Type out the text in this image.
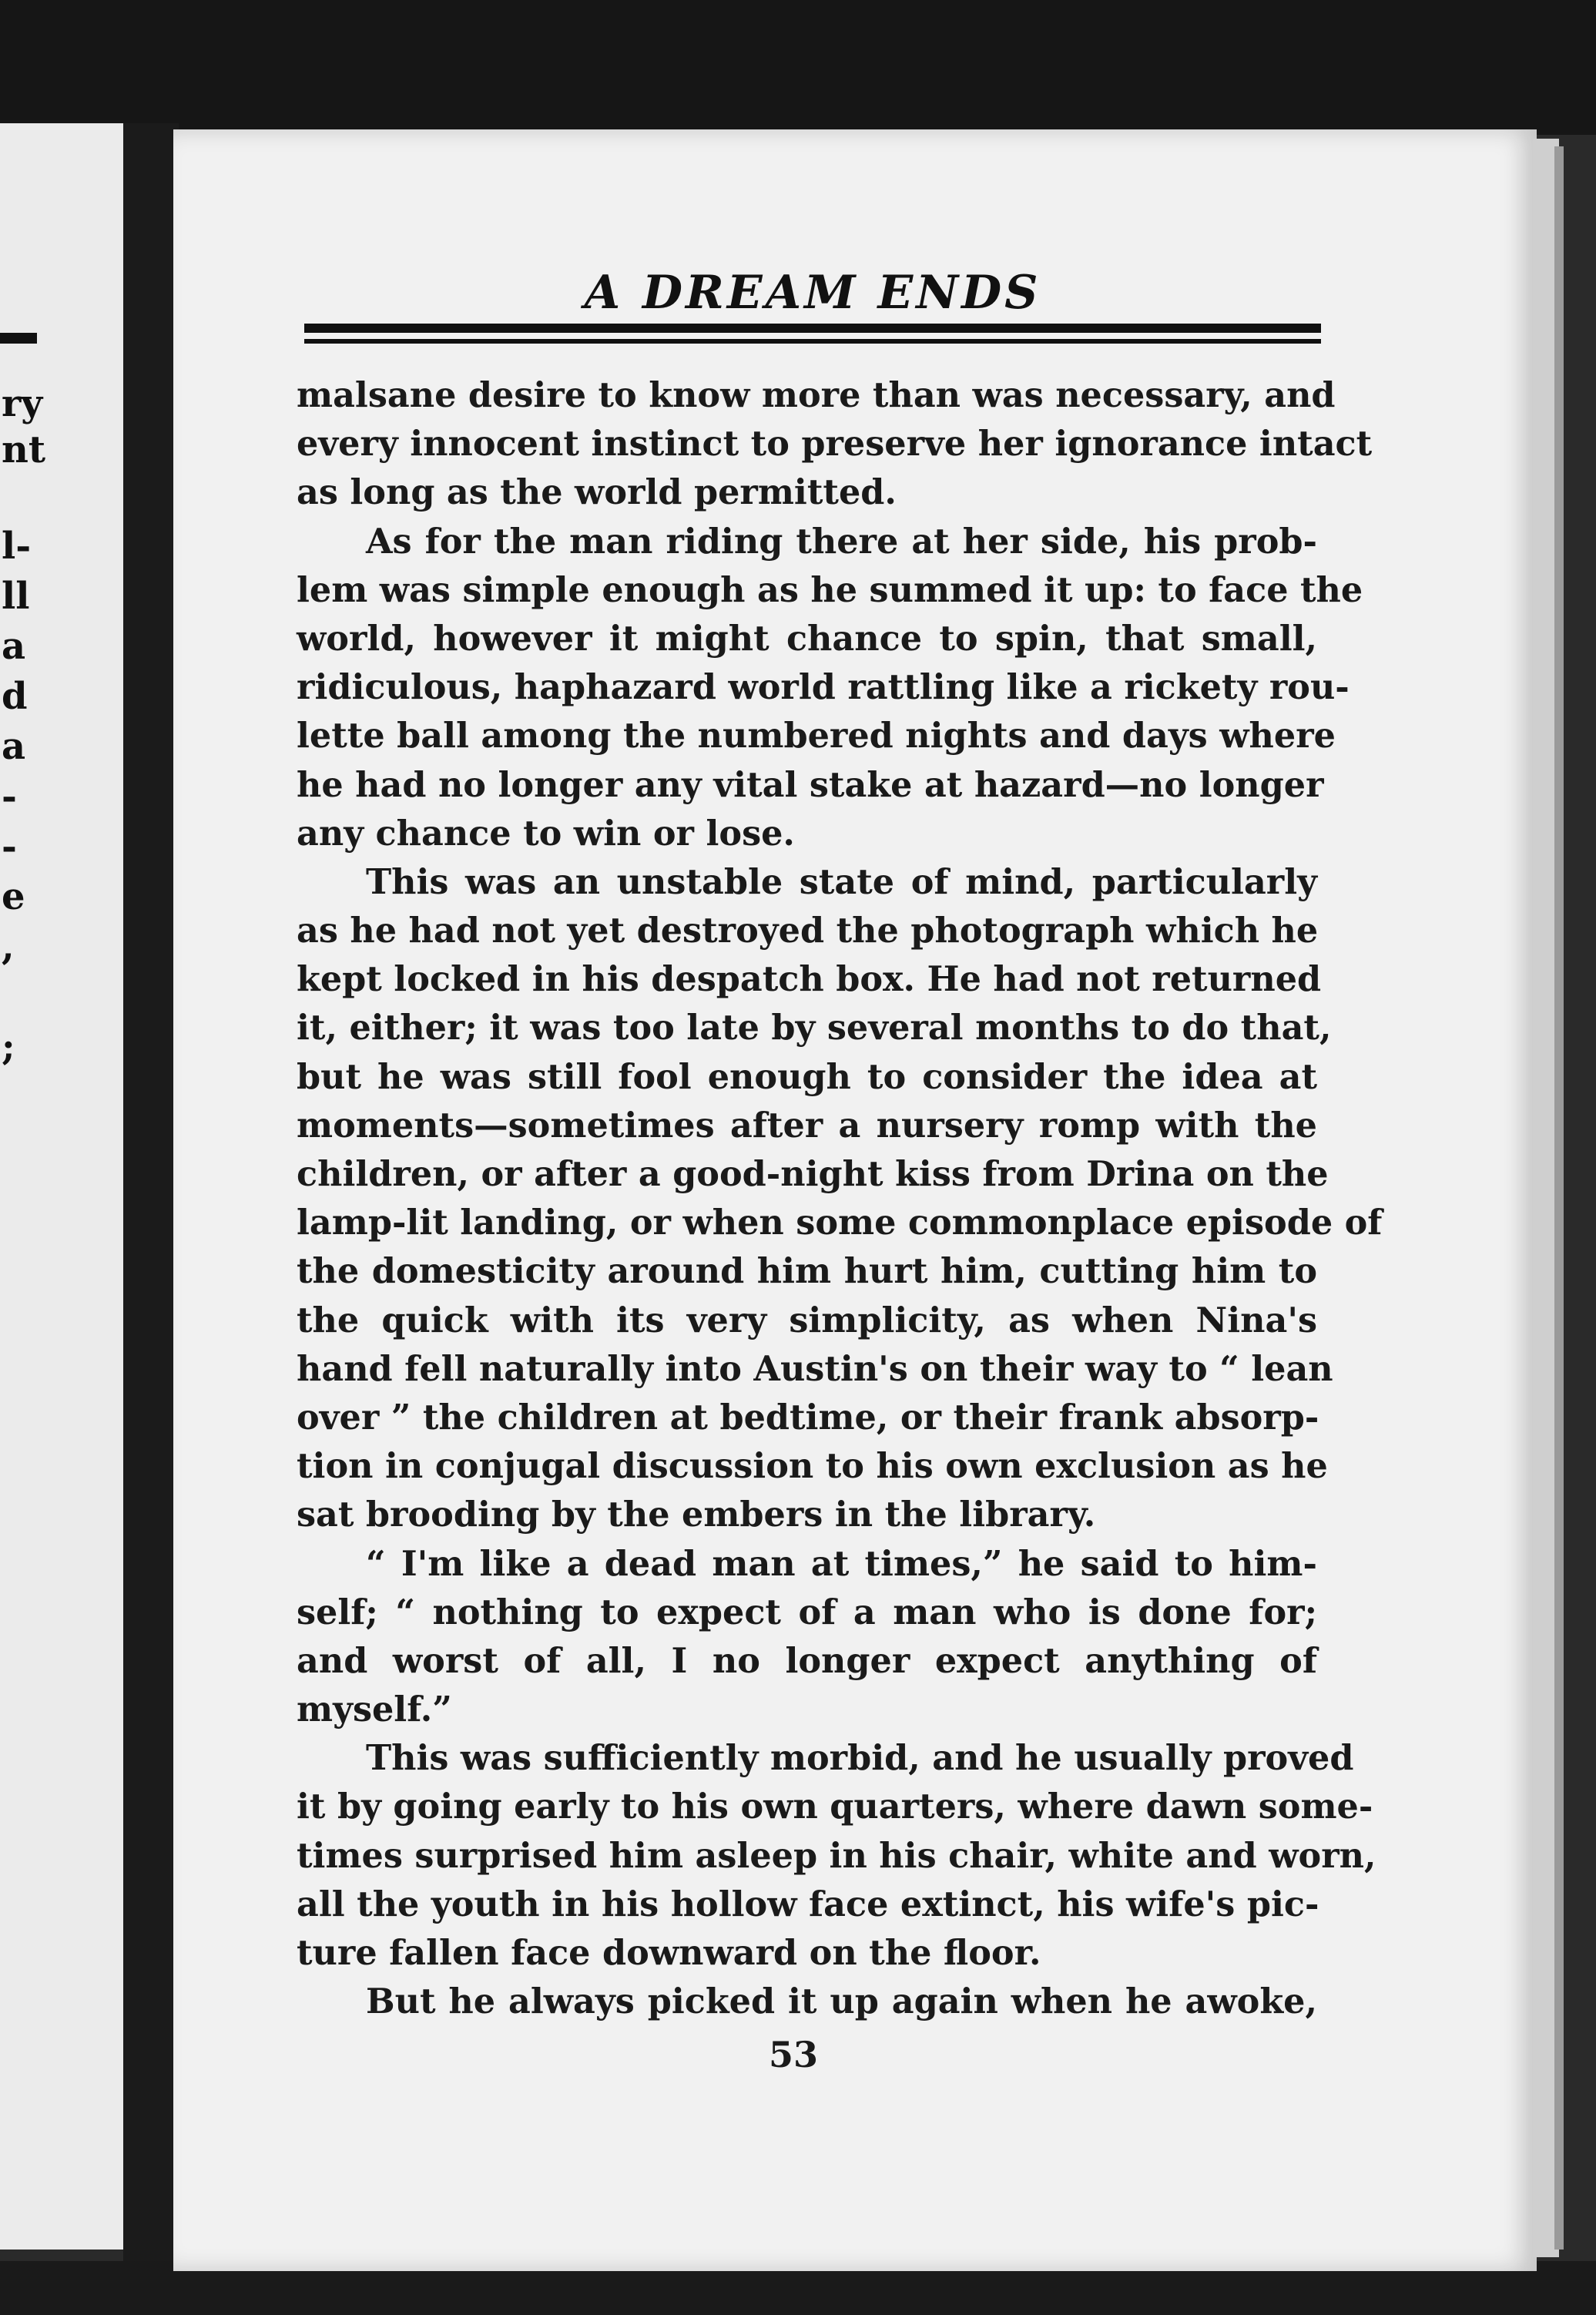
ry
nt
l-
ll
a
d
a
-
-
e
,
;
A DREAM ENDS
malsane desire to know more than was necessary, and
every innocent instinct to preserve her ignorance intact
as long as the world permitted.
As for the man riding there at her side, his prob-
lem was simple enough as he summed it up: to face the
world, however it might chance to spin, that small,
ridiculous, haphazard world rattling like a rickety rou-
lette ball among the numbered nights and days where
he had no longer any vital stake at hazard—no longer
any chance to win or lose.
This was an unstable state of mind, particularly
as he had not yet destroyed the photograph which he
kept locked in his despatch box. He had not returned
it, either; it was too late by several months to do that,
but he was still fool enough to consider the idea at
moments—sometimes after a nursery romp with the
children, or after a good-night kiss from Drina on the
lamp-lit landing, or when some commonplace episode of
the domesticity around him hurt him, cutting him to
the quick with its very simplicity, as when Nina's
hand fell naturally into Austin's on their way to “ lean
over ” the children at bedtime, or their frank absorp-
tion in conjugal discussion to his own exclusion as he
sat brooding by the embers in the library.
“ I'm like a dead man at times,” he said to him-
self; “ nothing to expect of a man who is done for;
and worst of all, I no longer expect anything of
myself.”
This was sufficiently morbid, and he usually proved
it by going early to his own quarters, where dawn some-
times surprised him asleep in his chair, white and worn,
all the youth in his hollow face extinct, his wife's pic-
ture fallen face downward on the floor.
But he always picked it up again when he awoke,
53
